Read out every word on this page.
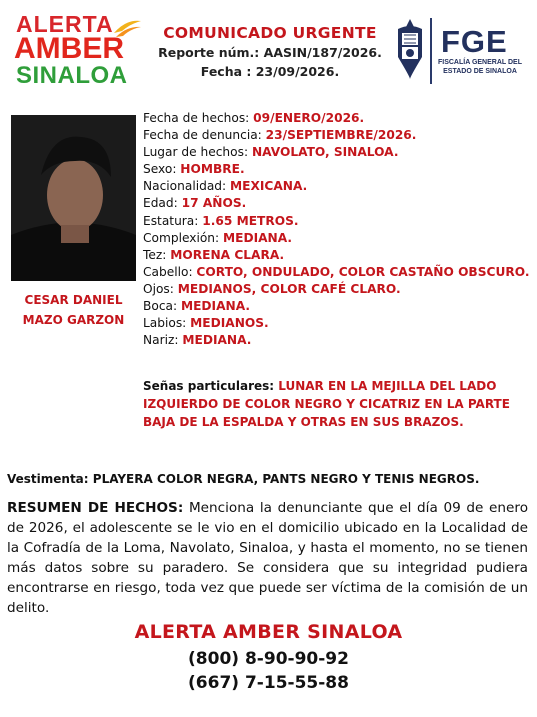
ALERTA
AMBER
SINALOA
COMUNICADO URGENTE
Reporte núm.: AASIN/187/2026.
Fecha : 23/09/2026.
FGE
FISCALÍA GENERAL DEL
ESTADO DE SINALOA
CESAR DANIEL
MAZO GARZON
Fecha de hechos: 09/ENERO/2026.
Fecha de denuncia: 23/SEPTIEMBRE/2026.
Lugar de hechos: NAVOLATO, SINALOA.
Sexo: HOMBRE.
Nacionalidad: MEXICANA.
Edad: 17 AÑOS.
Estatura: 1.65 METROS.
Complexión: MEDIANA.
Tez: MORENA CLARA.
Cabello: CORTO, ONDULADO, COLOR CASTAÑO OBSCURO.
Ojos: MEDIANOS, COLOR CAFÉ CLARO.
Boca: MEDIANA.
Labios: MEDIANOS.
Nariz: MEDIANA.
Señas particulares: LUNAR EN LA MEJILLA DEL LADO IZQUIERDO DE COLOR NEGRO Y CICATRIZ EN LA PARTE BAJA DE LA ESPALDA Y OTRAS EN SUS BRAZOS.
Vestimenta: PLAYERA COLOR NEGRA, PANTS NEGRO Y TENIS NEGROS.
RESUMEN DE HECHOS: Menciona la denunciante que el día 09 de enero de 2026, el adolescente se le vio en el domicilio ubicado en la Localidad de la Cofradía de la Loma, Navolato, Sinaloa, y hasta el momento, no se tienen más datos sobre su paradero. Se considera que su integridad pudiera encontrarse en riesgo, toda vez que puede ser víctima de la comisión de un delito.
ALERTA AMBER SINALOA
(800) 8-90-90-92
(667) 7-15-55-88
